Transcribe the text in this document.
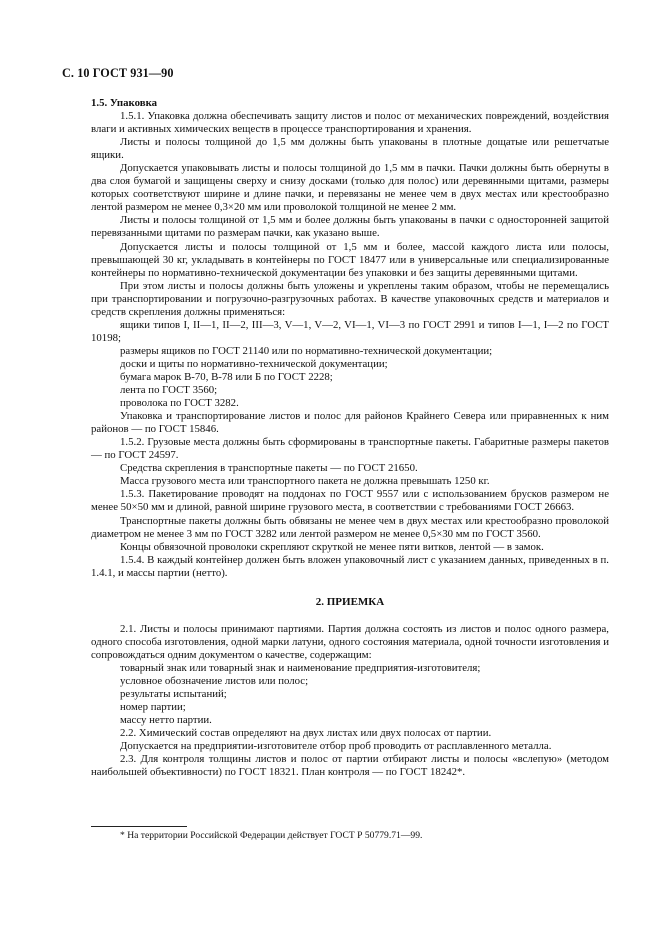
С. 10 ГОСТ 931—90

1.5. Упаковка

1.5.1. Упаковка должна обеспечивать защиту листов и полос от механических повреждений, воздействия влаги и активных химических веществ в процессе транспортирования и хранения.

Листы и полосы толщиной до 1,5 мм должны быть упакованы в плотные дощатые или решетчатые ящики.

Допускается упаковывать листы и полосы толщиной до 1,5 мм в пачки. Пачки должны быть обернуты в два слоя бумагой и защищены сверху и снизу досками (только для полос) или деревянными щитами, размеры которых соответствуют ширине и длине пачки, и перевязаны не менее чем в двух местах или крестообразно лентой размером не менее 0,3×20 мм или проволокой толщиной не менее 2 мм.

Листы и полосы толщиной от 1,5 мм и более должны быть упакованы в пачки с односторонней защитой перевязанными щитами по размерам пачки, как указано выше.

Допускается листы и полосы толщиной от 1,5 мм и более, массой каждого листа или полосы, превышающей 30 кг, укладывать в контейнеры по ГОСТ 18477 или в универсальные или специализированные контейнеры по нормативно-технической документации без упаковки и без защиты деревянными щитами.

При этом листы и полосы должны быть уложены и укреплены таким образом, чтобы не перемещались при транспортировании и погрузочно-разгрузочных работах. В качестве упаковочных средств и материалов и средств скрепления должны применяться:

ящики типов I, II—1, II—2, III—3, V—1, V—2, VI—1, VI—3 по ГОСТ 2991 и типов I—1, I—2 по ГОСТ 10198;

размеры ящиков по ГОСТ 21140 или по нормативно-технической документации;

доски и щиты по нормативно-технической документации;

бумага марок В-70, В-78 или Б по ГОСТ 2228;

лента по ГОСТ 3560;

проволока по ГОСТ 3282.

Упаковка и транспортирование листов и полос для районов Крайнего Севера или приравненных к ним районов — по ГОСТ 15846.

1.5.2. Грузовые места должны быть сформированы в транспортные пакеты. Габаритные размеры пакетов — по ГОСТ 24597.

Средства скрепления в транспортные пакеты — по ГОСТ 21650.

Масса грузового места или транспортного пакета не должна превышать 1250 кг.

1.5.3. Пакетирование проводят на поддонах по ГОСТ 9557 или с использованием брусков размером не менее 50×50 мм и длиной, равной ширине грузового места, в соответствии с требованиями ГОСТ 26663.

Транспортные пакеты должны быть обвязаны не менее чем в двух местах или крестообразно проволокой диаметром не менее 3 мм по ГОСТ 3282 или лентой размером не менее 0,5×30 мм по ГОСТ 3560.

Концы обвязочной проволоки скрепляют скруткой не менее пяти витков, лентой — в замок.

1.5.4. В каждый контейнер должен быть вложен упаковочный лист с указанием данных, приведенных в п. 1.4.1, и массы партии (нетто).

2. ПРИЕМКА

2.1. Листы и полосы принимают партиями. Партия должна состоять из листов и полос одного размера, одного способа изготовления, одной марки латуни, одного состояния материала, одной точности изготовления и сопровождаться одним документом о качестве, содержащим:

товарный знак или товарный знак и наименование предприятия-изготовителя;

условное обозначение листов или полос;

результаты испытаний;

номер партии;

массу нетто партии.

2.2. Химический состав определяют на двух листах или двух полосах от партии.

Допускается на предприятии-изготовителе отбор проб проводить от расплавленного металла.

2.3. Для контроля толщины листов и полос от партии отбирают листы и полосы «вслепую» (методом наибольшей объективности) по ГОСТ 18321. План контроля — по ГОСТ 18242*.

* На территории Российской Федерации действует ГОСТ Р 50779.71—99.
